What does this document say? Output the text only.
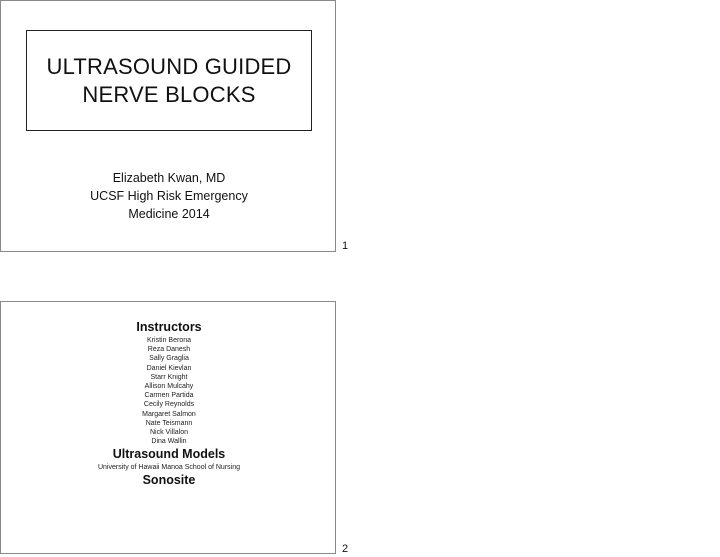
ULTRASOUND GUIDED
NERVE BLOCKS
Elizabeth Kwan, MD
UCSF High Risk Emergency
Medicine 2014
1
Instructors
Kristin Berona
Reza Danesh
Sally Graglia
Daniel Kievlan
Starr Knight
Allison Mulcahy
Carmen Partida
Cecily Reynolds
Margaret Salmon
Nate Teismann
Nick Villalon
Dina Wallin
Ultrasound Models
University of Hawaii Manoa School of Nursing
Sonosite
2
